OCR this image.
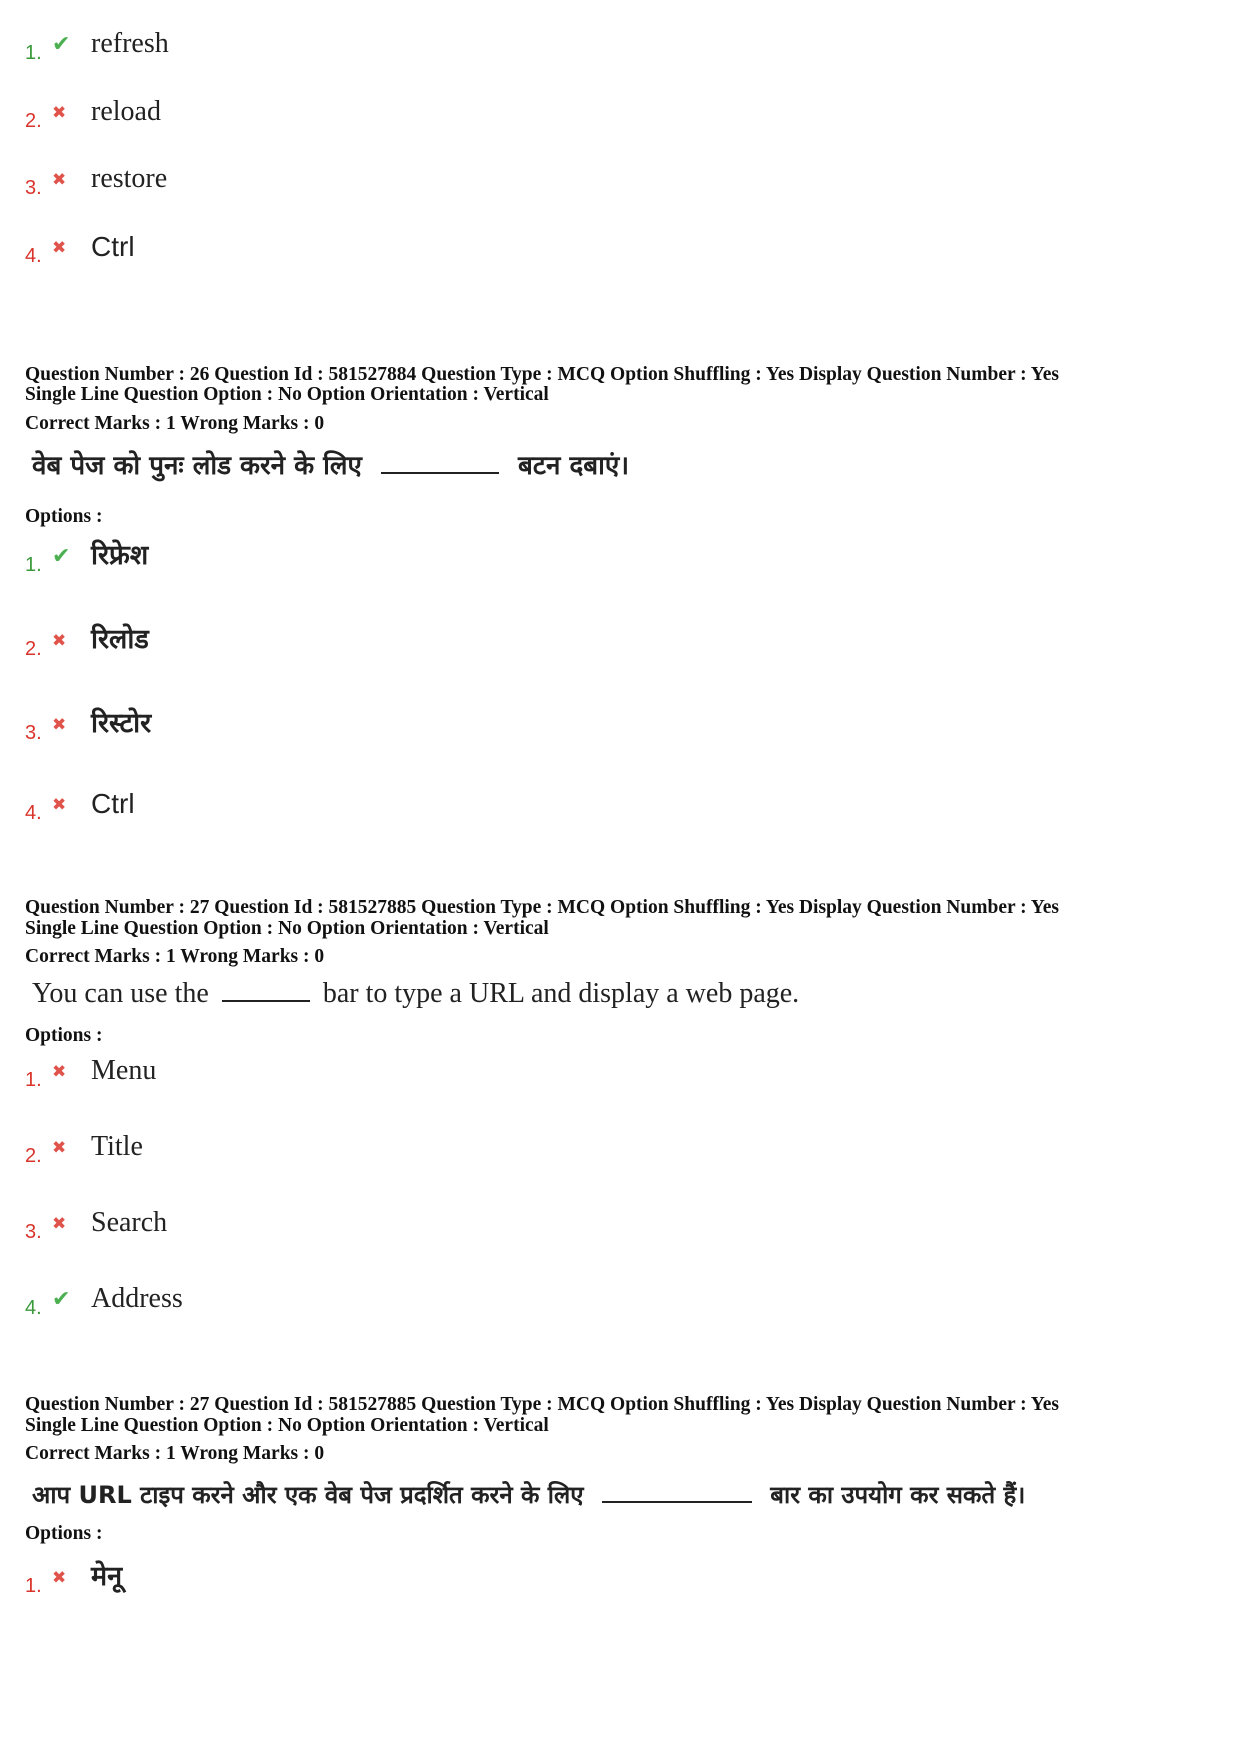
1. ✔ refresh
2. ✖ reload
3. ✖ restore
4. ✖ Ctrl
Question Number : 26 Question Id : 581527884 Question Type : MCQ Option Shuffling : Yes Display Question Number : Yes
Single Line Question Option : No Option Orientation : Vertical
Correct Marks : 1 Wrong Marks : 0
वेब पेज को पुनः लोड करने के लिए	बटन दबाएं।
Options :
1. ✔ रिफ्रेश
2. ✖ रिलोड
3. ✖ रिस्टोर
4. ✖ Ctrl
Question Number : 27 Question Id : 581527885 Question Type : MCQ Option Shuffling : Yes Display Question Number : Yes
Single Line Question Option : No Option Orientation : Vertical
Correct Marks : 1 Wrong Marks : 0
You can use the	bar to type a URL and display a web page.
Options :
1. ✖ Menu
2. ✖ Title
3. ✖ Search
4. ✔ Address
Question Number : 27 Question Id : 581527885 Question Type : MCQ Option Shuffling : Yes Display Question Number : Yes
Single Line Question Option : No Option Orientation : Vertical
Correct Marks : 1 Wrong Marks : 0
आप URL टाइप करने और एक वेब पेज प्रदर्शित करने के लिए	बार का उपयोग कर सकते हैं।
Options :
1. ✖ मेनू
